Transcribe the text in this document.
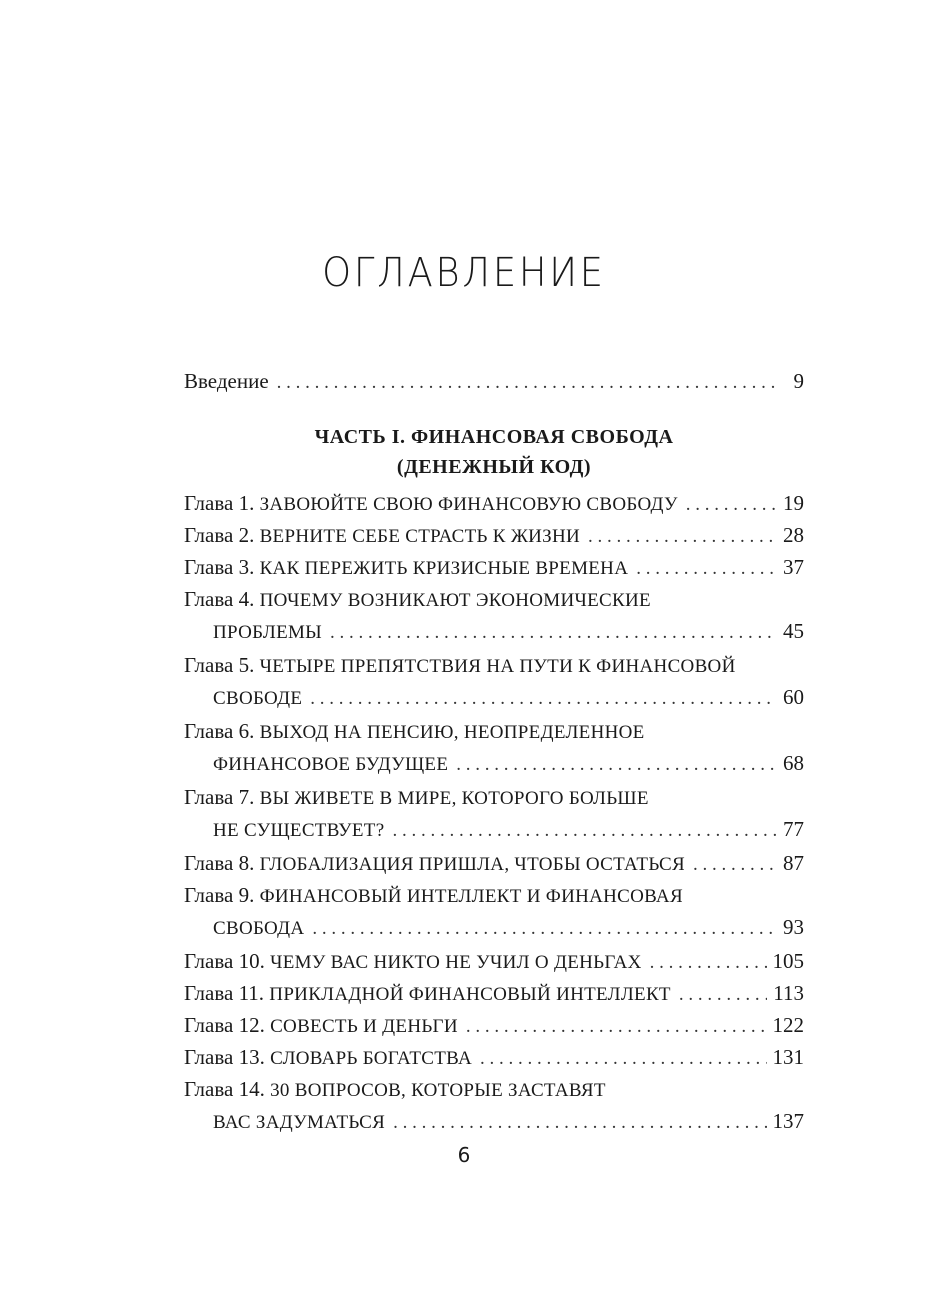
ОГЛАВЛЕНИЕ
Введение . . .	9
ЧАСТЬ I. ФИНАНСОВАЯ СВОБОДА
(ДЕНЕЖНЫЙ КОД)
Глава 1. ЗАВОЮЙТЕ СВОЮ ФИНАНСОВУЮ СВОБОДУ . . .	19
Глава 2. ВЕРНИТЕ СЕБЕ СТРАСТЬ К ЖИЗНИ . . .	28
Глава 3. КАК ПЕРЕЖИТЬ КРИЗИСНЫЕ ВРЕМЕНА . . .	37
Глава 4. ПОЧЕМУ ВОЗНИКАЮТ ЭКОНОМИЧЕСКИЕ
ПРОБЛЕМЫ . . .	45
Глава 5. ЧЕТЫРЕ ПРЕПЯТСТВИЯ НА ПУТИ К ФИНАНСОВОЙ
СВОБОДЕ . . .	60
Глава 6. ВЫХОД НА ПЕНСИЮ, НЕОПРЕДЕЛЕННОЕ
ФИНАНСОВОЕ БУДУЩЕЕ . . .	68
Глава 7. ВЫ ЖИВЕТЕ В МИРЕ, КОТОРОГО БОЛЬШЕ
НЕ СУЩЕСТВУЕТ? . . .	77
Глава 8. ГЛОБАЛИЗАЦИЯ ПРИШЛА, ЧТОБЫ ОСТАТЬСЯ . . .	87
Глава 9. ФИНАНСОВЫЙ ИНТЕЛЛЕКТ И ФИНАНСОВАЯ
СВОБОДА . . .	93
Глава 10. ЧЕМУ ВАС НИКТО НЕ УЧИЛ О ДЕНЬГАХ . . .	105
Глава 11. ПРИКЛАДНОЙ ФИНАНСОВЫЙ ИНТЕЛЛЕКТ . . .	113
Глава 12. СОВЕСТЬ И ДЕНЬГИ . . .	122
Глава 13. СЛОВАРЬ БОГАТСТВА . . .	131
Глава 14. 30 ВОПРОСОВ, КОТОРЫЕ ЗАСТАВЯТ
ВАС ЗАДУМАТЬСЯ . . .	137
6
